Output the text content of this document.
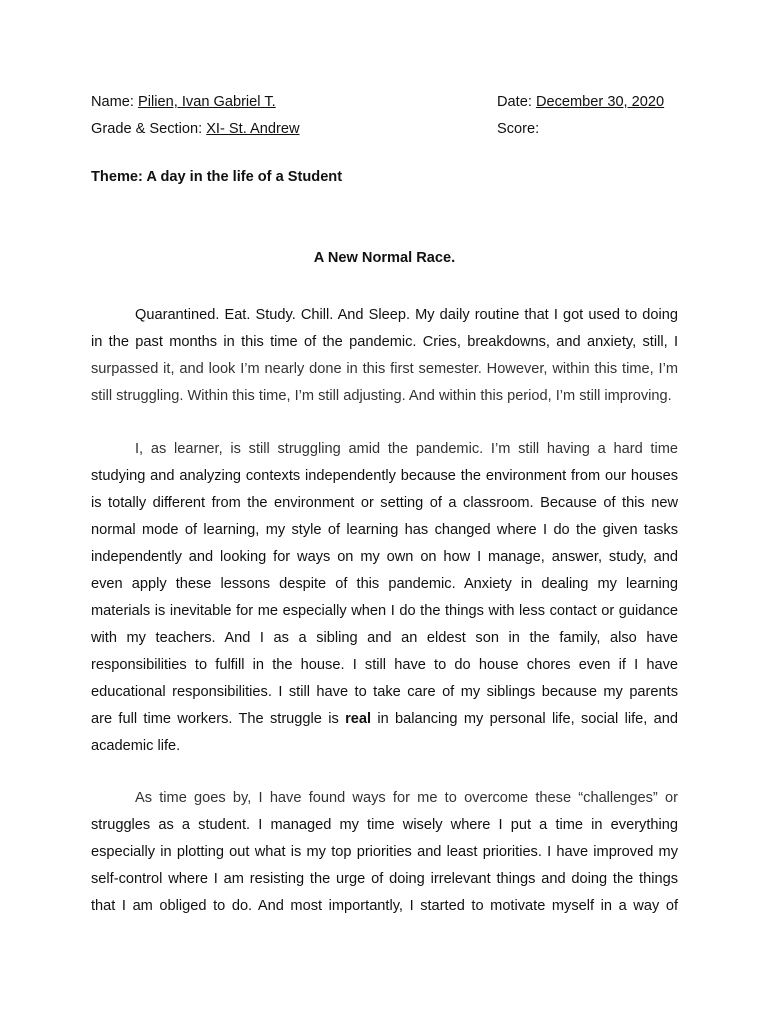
Name: Pilien, Ivan Gabriel T.
Grade & Section: XI- St. Andrew
Date: December 30, 2020
Score:
Theme: A day in the life of a Student
A New Normal Race.
Quarantined. Eat. Study. Chill. And Sleep. My daily routine that I got used to doing
in the past months in this time of the pandemic. Cries, breakdowns, and anxiety, still, I
surpassed it, and look I’m nearly done in this first semester. However, within this time, I’m
still struggling. Within this time, I’m still adjusting. And within this period, I’m still improving.
I, as learner, is still struggling amid the pandemic. I’m still having a hard time
studying and analyzing contexts independently because the environment from our houses
is totally different from the environment or setting of a classroom. Because of this new
normal mode of learning, my style of learning has changed where I do the given tasks
independently and looking for ways on my own on how I manage, answer, study, and
even apply these lessons despite of this pandemic. Anxiety in dealing my learning
materials is inevitable for me especially when I do the things with less contact or guidance
with my teachers. And I as a sibling and an eldest son in the family, also have
responsibilities to fulfill in the house. I still have to do house chores even if I have
educational responsibilities. I still have to take care of my siblings because my parents
are full time workers. The struggle is real in balancing my personal life, social life, and
academic life.
As time goes by, I have found ways for me to overcome these “challenges” or
struggles as a student. I managed my time wisely where I put a time in everything
especially in plotting out what is my top priorities and least priorities. I have improved my
self-control where I am resisting the urge of doing irrelevant things and doing the things
that I am obliged to do. And most importantly, I started to motivate myself in a way of
